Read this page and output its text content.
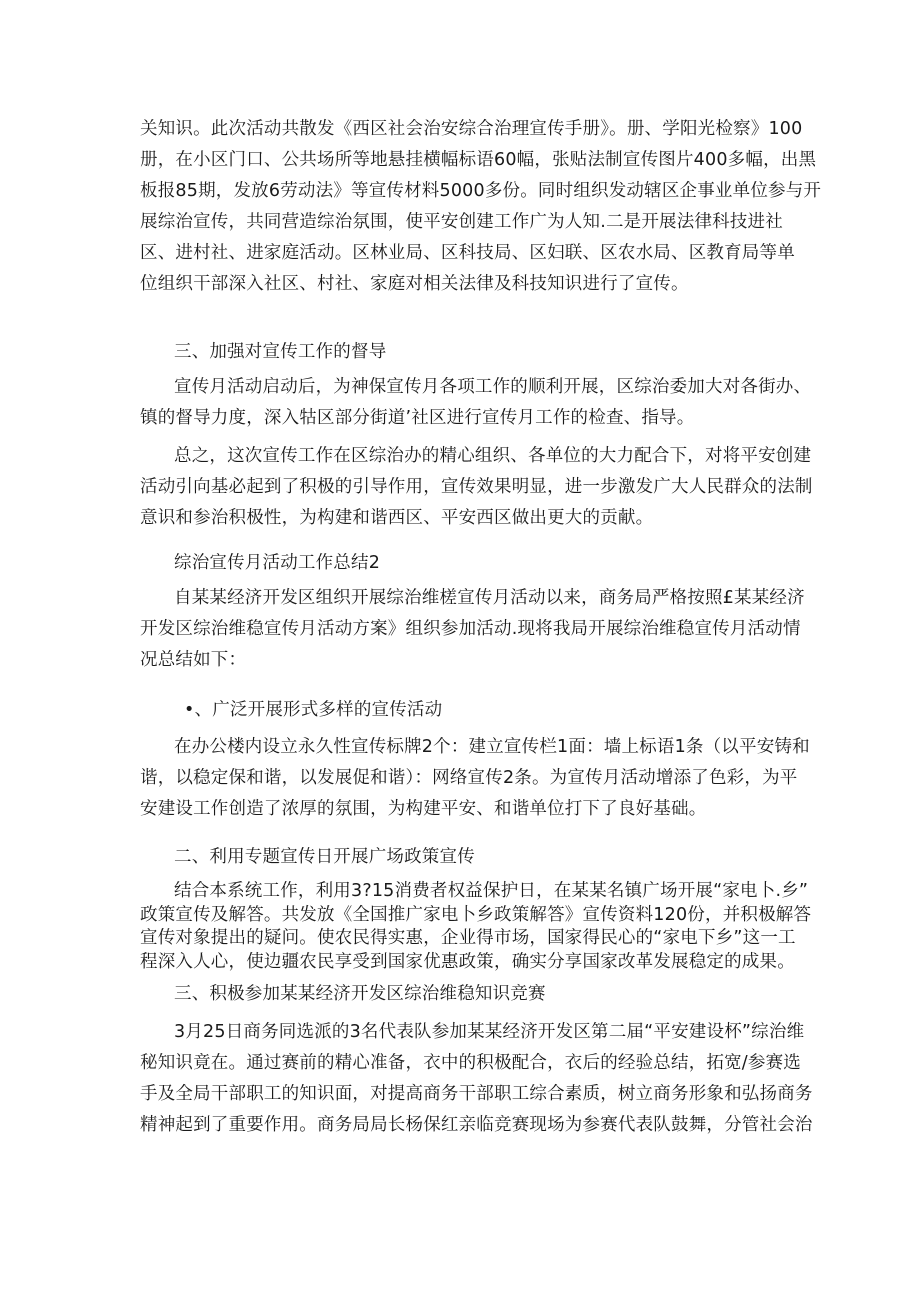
关知识。此次活动共散发《西区社会治安综合治理宣传手册》。册、学阳光检察》100
册，在小区门口、公共场所等地悬挂横幅标语60幅，张贴法制宣传图片400多幅，出黑
板报85期，发放6劳动法》等宣传材料5000多份。同时组织发动辖区企事业单位参与开
展综治宣传，共同营造综治氛围，使平安创建工作广为人知.二是开展法律科技进社
区、进村社、进家庭活动。区林业局、区科技局、区妇联、区农水局、区教育局等单
位组织干部深入社区、村社、家庭对相关法律及科技知识进行了宣传。
三、加强对宣传工作的督导
宣传月活动启动后，为神保宣传月各项工作的顺利开展，区综治委加大对各街办、
镇的督导力度，深入牯区部分街道’社区进行宣传月工作的检查、指导。
总之，这次宣传工作在区综治办的精心组织、各单位的大力配合下，对将平安创建
活动引向基必起到了积极的引导作用，宣传效果明显，进一步激发广大人民群众的法制
意识和参治积极性，为构建和谐西区、平安西区做出更大的贡献。
综治宣传月活动工作总结2
自某某经济开发区组织开展综治维槎宣传月活动以来，商务局严格按照£某某经济
开发区综治维稳宣传月活动方案》组织参加活动.现将我局开展综治维稳宣传月活动情
况总结如下：
•、广泛开展形式多样的宣传活动
在办公楼内设立永久性宣传标牌2个：建立宣传栏1面：墙上标语1条（以平安铸和
谐，以稳定保和谐，以发展促和谐）：网络宣传2条。为宣传月活动增添了色彩，为平
安建设工作创造了浓厚的氛围，为构建平安、和谐单位打下了良好基础。
二、利用专题宣传日开展广场政策宣传
结合本系统工作，利用3?15消费者权益保护日，在某某名镇广场开展“家电卜.乡”
政策宣传及解答。共发放《全国推广家电卜乡政策解答》宣传资料120份，并积极解答
宣传对象提出的疑问。使农民得实惠，企业得市场，国家得民心的“家电下乡”这一工
程深入人心，使边疆农民享受到国家优惠政策，确实分享国家改革发展稳定的成果。
三、积极参加某某经济开发区综治维稳知识竞赛
3月25日商务同选派的3名代表队参加某某经济开发区第二届“平安建设杯”综治维
秘知识竟在。通过赛前的精心准备，衣中的积极配合，衣后的经验总结，拓宽/参赛选
手及全局干部职工的知识面，对提高商务干部职工综合素质，树立商务形象和弘扬商务
精神起到了重要作用。商务局局长杨保红亲临竞赛现场为参赛代表队鼓舞，分管社会治
